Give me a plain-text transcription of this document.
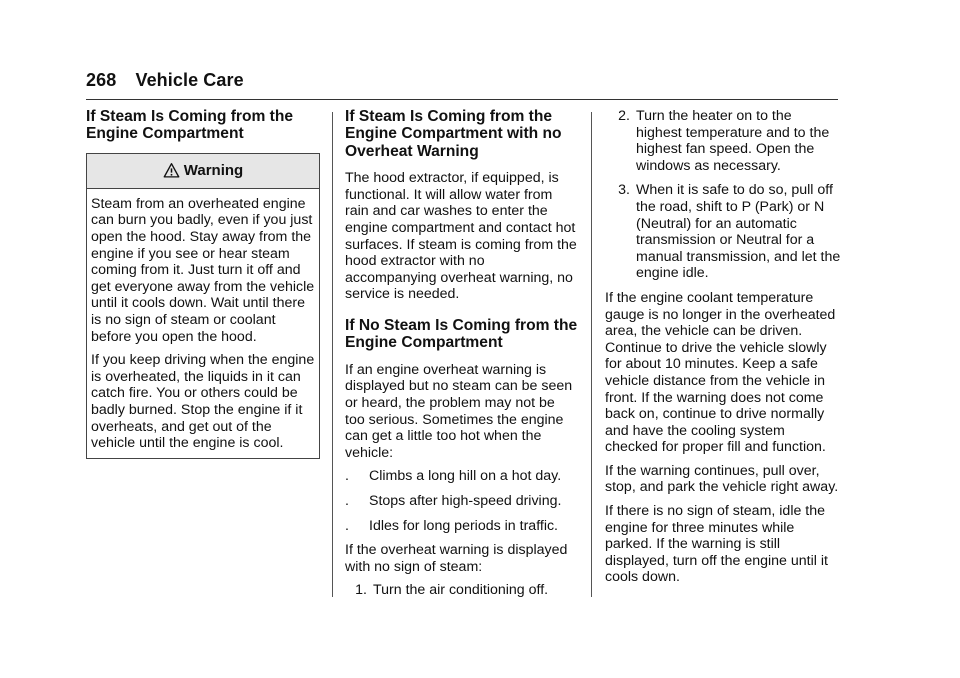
268 Vehicle Care
If Steam Is Coming from the Engine Compartment
Warning

Steam from an overheated engine can burn you badly, even if you just open the hood. Stay away from the engine if you see or hear steam coming from it. Just turn it off and get everyone away from the vehicle until it cools down. Wait until there is no sign of steam or coolant before you open the hood.

If you keep driving when the engine is overheated, the liquids in it can catch fire. You or others could be badly burned. Stop the engine if it overheats, and get out of the vehicle until the engine is cool.

If Steam Is Coming from the Engine Compartment with no Overheat Warning

The hood extractor, if equipped, is functional. It will allow water from rain and car washes to enter the engine compartment and contact hot surfaces. If steam is coming from the hood extractor with no accompanying overheat warning, no service is needed.

If No Steam Is Coming from the Engine Compartment

If an engine overheat warning is displayed but no steam can be seen or heard, the problem may not be too serious. Sometimes the engine can get a little too hot when the vehicle:

.	Climbs a long hill on a hot day.
.	Stops after high-speed driving.
.	Idles for long periods in traffic.

If the overheat warning is displayed with no sign of steam:

1. Turn the air conditioning off.
2. Turn the heater on to the highest temperature and to the highest fan speed. Open the windows as necessary.
3. When it is safe to do so, pull off the road, shift to P (Park) or N (Neutral) for an automatic transmission or Neutral for a manual transmission, and let the engine idle.

If the engine coolant temperature gauge is no longer in the overheated area, the vehicle can be driven. Continue to drive the vehicle slowly for about 10 minutes. Keep a safe vehicle distance from the vehicle in front. If the warning does not come back on, continue to drive normally and have the cooling system checked for proper fill and function.

If the warning continues, pull over, stop, and park the vehicle right away.

If there is no sign of steam, idle the engine for three minutes while parked. If the warning is still displayed, turn off the engine until it cools down.
